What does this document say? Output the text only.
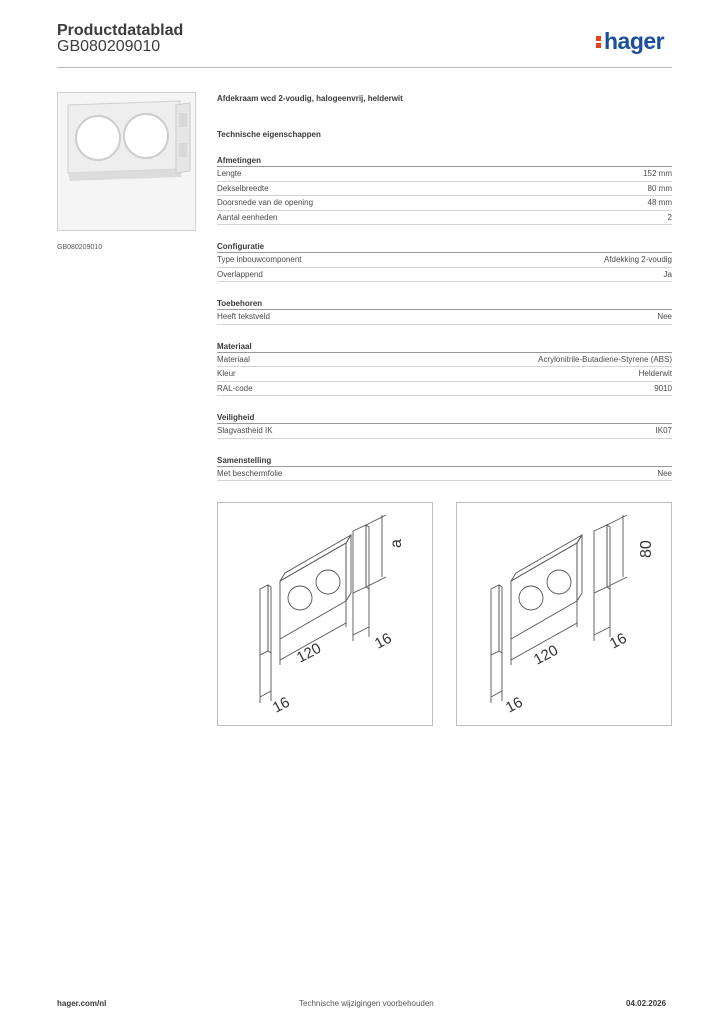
Productdatablad
GB080209010	hager
GB080209010
Afdekraam wcd 2-voudig, halogeenvrij, helderwit
Technische eigenschappen
Afmetingen
Lengte	152 mm
Dekselbreedte	80 mm
Doorsnede van de opening	48 mm
Aantal eenheden	2
Configuratie
Type inbouwcomponent	Afdekking 2-voudig
Overlappend	Ja
Toebehoren
Heeft tekstveld	Nee
Materiaal
Materiaal	Acrylonitrile-Butadiene-Styrene (ABS)
Kleur	Helderwit
RAL-code	9010
Veiligheid
Slagvastheid IK	IK07
Samenstelling
Met beschermfolie	Nee
a
120	16
16
80
120
16
16
hager.com/nl	Technische wijzigingen voorbehouden	04.02.2026
